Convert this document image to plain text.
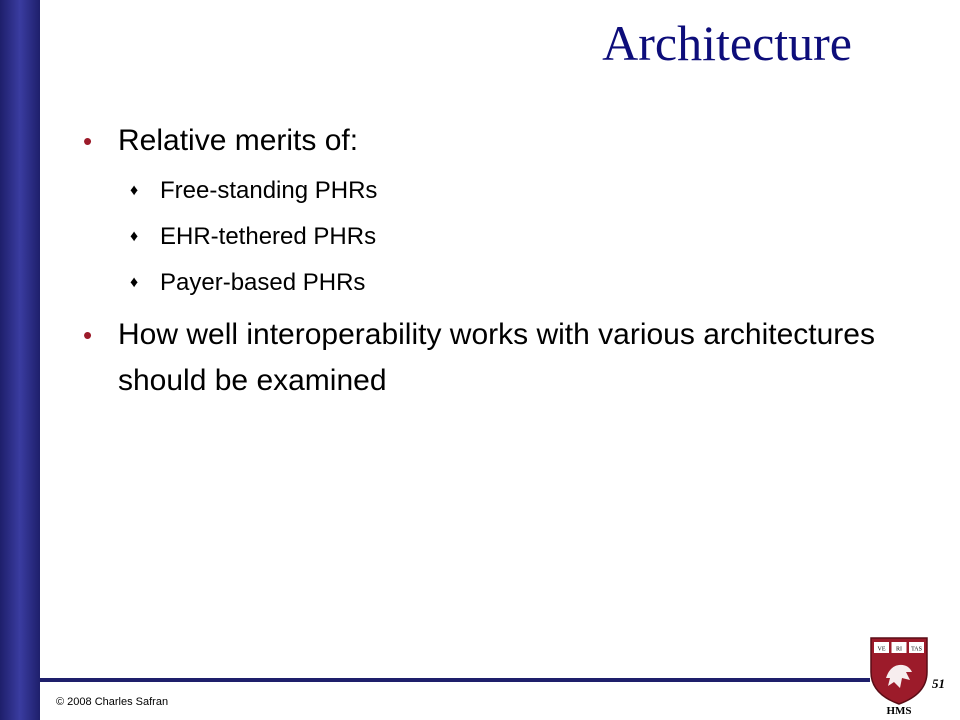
Architecture
• Relative merits of:
♦ Free-standing PHRs
♦ EHR-tethered PHRs
♦ Payer-based PHRs
• How well interoperability works with various architectures should be examined
© 2008 Charles Safran
VE RI TAS
HMS
51
